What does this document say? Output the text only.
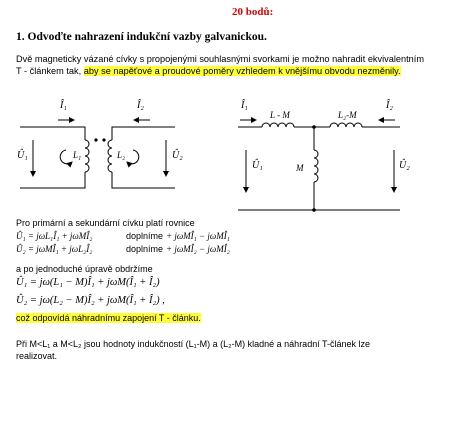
20 bodů:
1. Odvoďte nahrazení indukční vazby galvanickou.
Dvě magneticky vázané cívky s propojenými souhlasnými svorkami je možno nahradit ekvivalentním
T - článkem tak, aby se napěťové a proudové poměry vzhledem k vnějšímu obvodu nezměnily.
Î₁	Î₂
Û₁	Û₂
L₁	L₂
Î₁	Î₂
Û₁	Û₂
L - M	L₂-M
M
Pro primární a sekundární cívku platí rovnice
Û₁ = jωL₁Î₁ + jωMÎ₂	doplníme + jωMÎ₁ − jωMÎ₁
Û₂ = jωMÎ₁ + jωL₂Î₂	doplníme + jωMÎ₂ − jωMÎ₂
a po jednoduché úpravě obdržíme
Û₁ = jω(L₁ − M)Î₁ + jωM(Î₁ + Î₂)
Û₂ = jω(L₂ − M)Î₂ + jωM(Î₁ + Î₂) ,
což odpovídá náhradnímu zapojení T - článku.
Při M<L₁ a M<L₂ jsou hodnoty indukčností (L₁-M) a (L₂-M) kladné a náhradní T-článek lze
realizovat.
